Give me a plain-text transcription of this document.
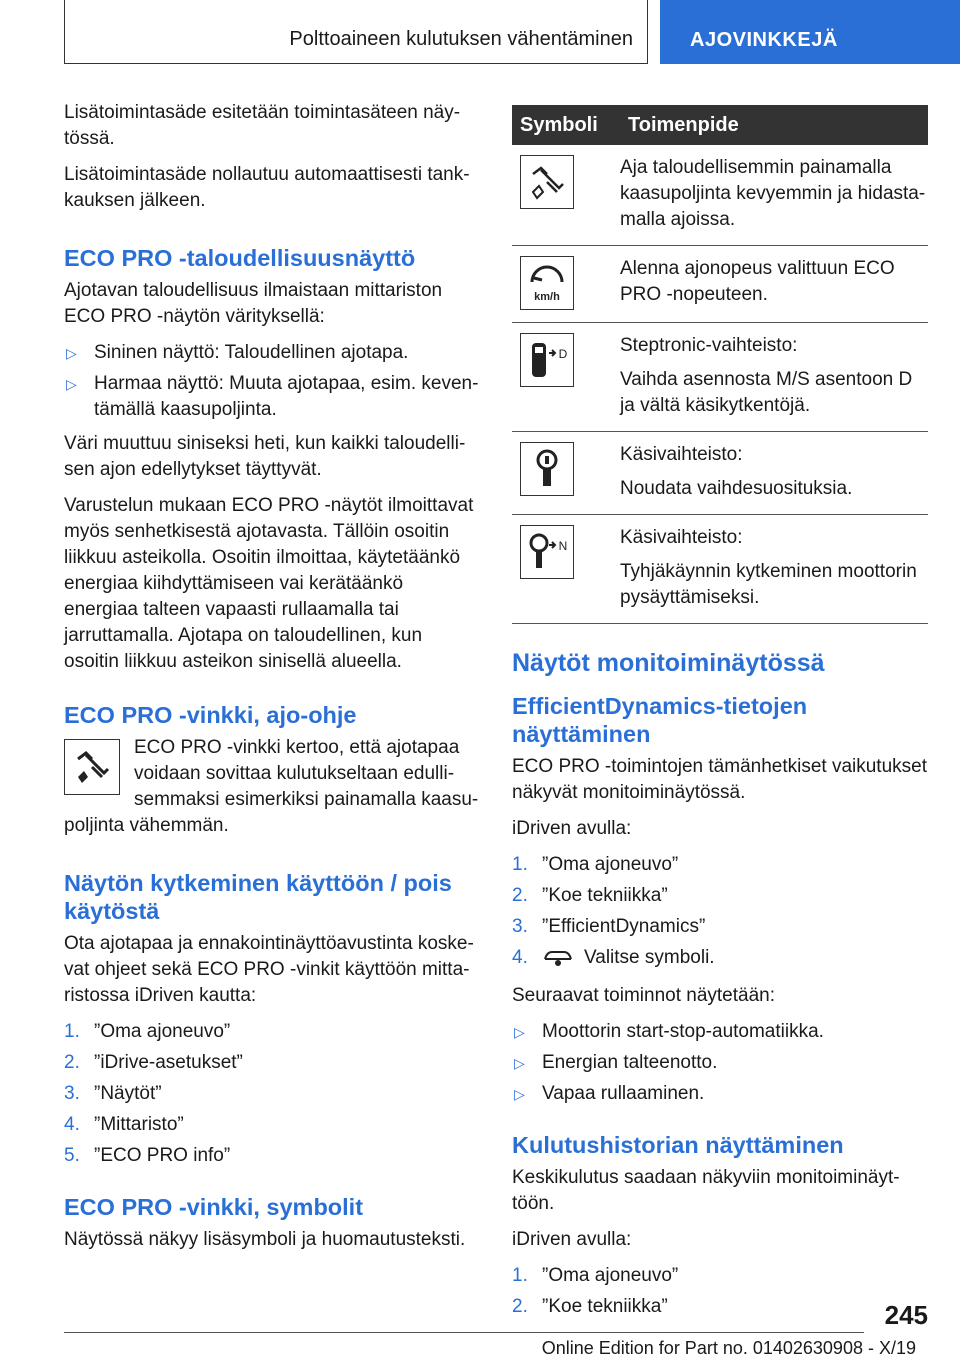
Polttoaineen kulutuksen vähentäminen	AJOVINKKEJÄ

Lisätoimintasäde esitetään toimintasäteen näytössä.

Lisätoimintasäde nollautuu automaattisesti tankkauksen jälkeen.

ECO PRO ‑taloudellisuusnäyttö

Ajotavan taloudellisuus ilmaistaan mittariston ECO PRO ‑näytön värityksellä:

▷ Sininen näyttö: Taloudellinen ajotapa.
▷ Harmaa näyttö: Muuta ajotapaa, esim. keventämällä kaasupoljinta.

Väri muuttuu siniseksi heti, kun kaikki taloudellisen ajon edellytykset täyttyvät.

Varustelun mukaan ECO PRO ‑näytöt ilmoittavat myös senhetkisestä ajotavasta. Tällöin osoitin liikkuu asteikolla. Osoitin ilmoittaa, käytetäänkö energiaa kiihdyttämiseen vai kerätäänkö energiaa talteen vapaasti rullaamalla tai jarruttamalla. Ajotapa on taloudellinen, kun osoitin liikkuu asteikon sinisellä alueella.

ECO PRO ‑vinkki, ajo‑ohje

ECO PRO ‑vinkki kertoo, että ajotapaa voidaan sovittaa kulutukseltaan edullisemmaksi esimerkiksi painamalla kaasupoljinta vähemmän.

Näytön kytkeminen käyttöön / pois käytöstä

Ota ajotapaa ja ennakointinäyttöavustinta koskevat ohjeet sekä ECO PRO ‑vinkit käyttöön mittaristossa iDriven kautta:

1. ”Oma ajoneuvo”
2. ”iDrive‑asetukset”
3. ”Näytöt”
4. ”Mittaristo”
5. ”ECO PRO info”
ECO PRO ‑vinkki, symbolit

Näytössä näkyy lisäsymboli ja huomautusteksti.

Symboli	Toimenpide

Aja taloudellisemmin painamalla kaasupoljinta kevyemmin ja hidastamalla ajoissa.

km/h	Alenna ajonopeus valittuun ECO PRO ‑nopeuteen.

D	Steptronic‑vaihteisto:

Vaihda asennosta M/S asentoon D ja vältä käsikytkentöjä.

Käsivaihteisto:

Noudata vaihdesuosituksia.

N	Käsivaihteisto:

Tyhjäkäynnin kytkeminen moottorin pysäyttämiseksi.

Näytöt monitoiminäytössä
EfficientDynamics‑tietojen näyttäminen

ECO PRO ‑toimintojen tämänhetkiset vaikutukset näkyvät monitoiminäytössä.

iDriven avulla:

1. ”Oma ajoneuvo”
2. ”Koe tekniikka”
3. ”EfficientDynamics”
4.	Valitse symboli.

Seuraavat toiminnot näytetään:

▷ Moottorin start‑stop‑automatiikka.
▷ Energian talteenotto.
▷ Vapaa rullaaminen.
Kulutushistorian näyttäminen

Keskikulutus saadaan näkyviin monitoiminäyttöön.

iDriven avulla:

1. ”Oma ajoneuvo”
2. ”Koe tekniikka”	245
Online Edition for Part no. 01402630908 - X/19
